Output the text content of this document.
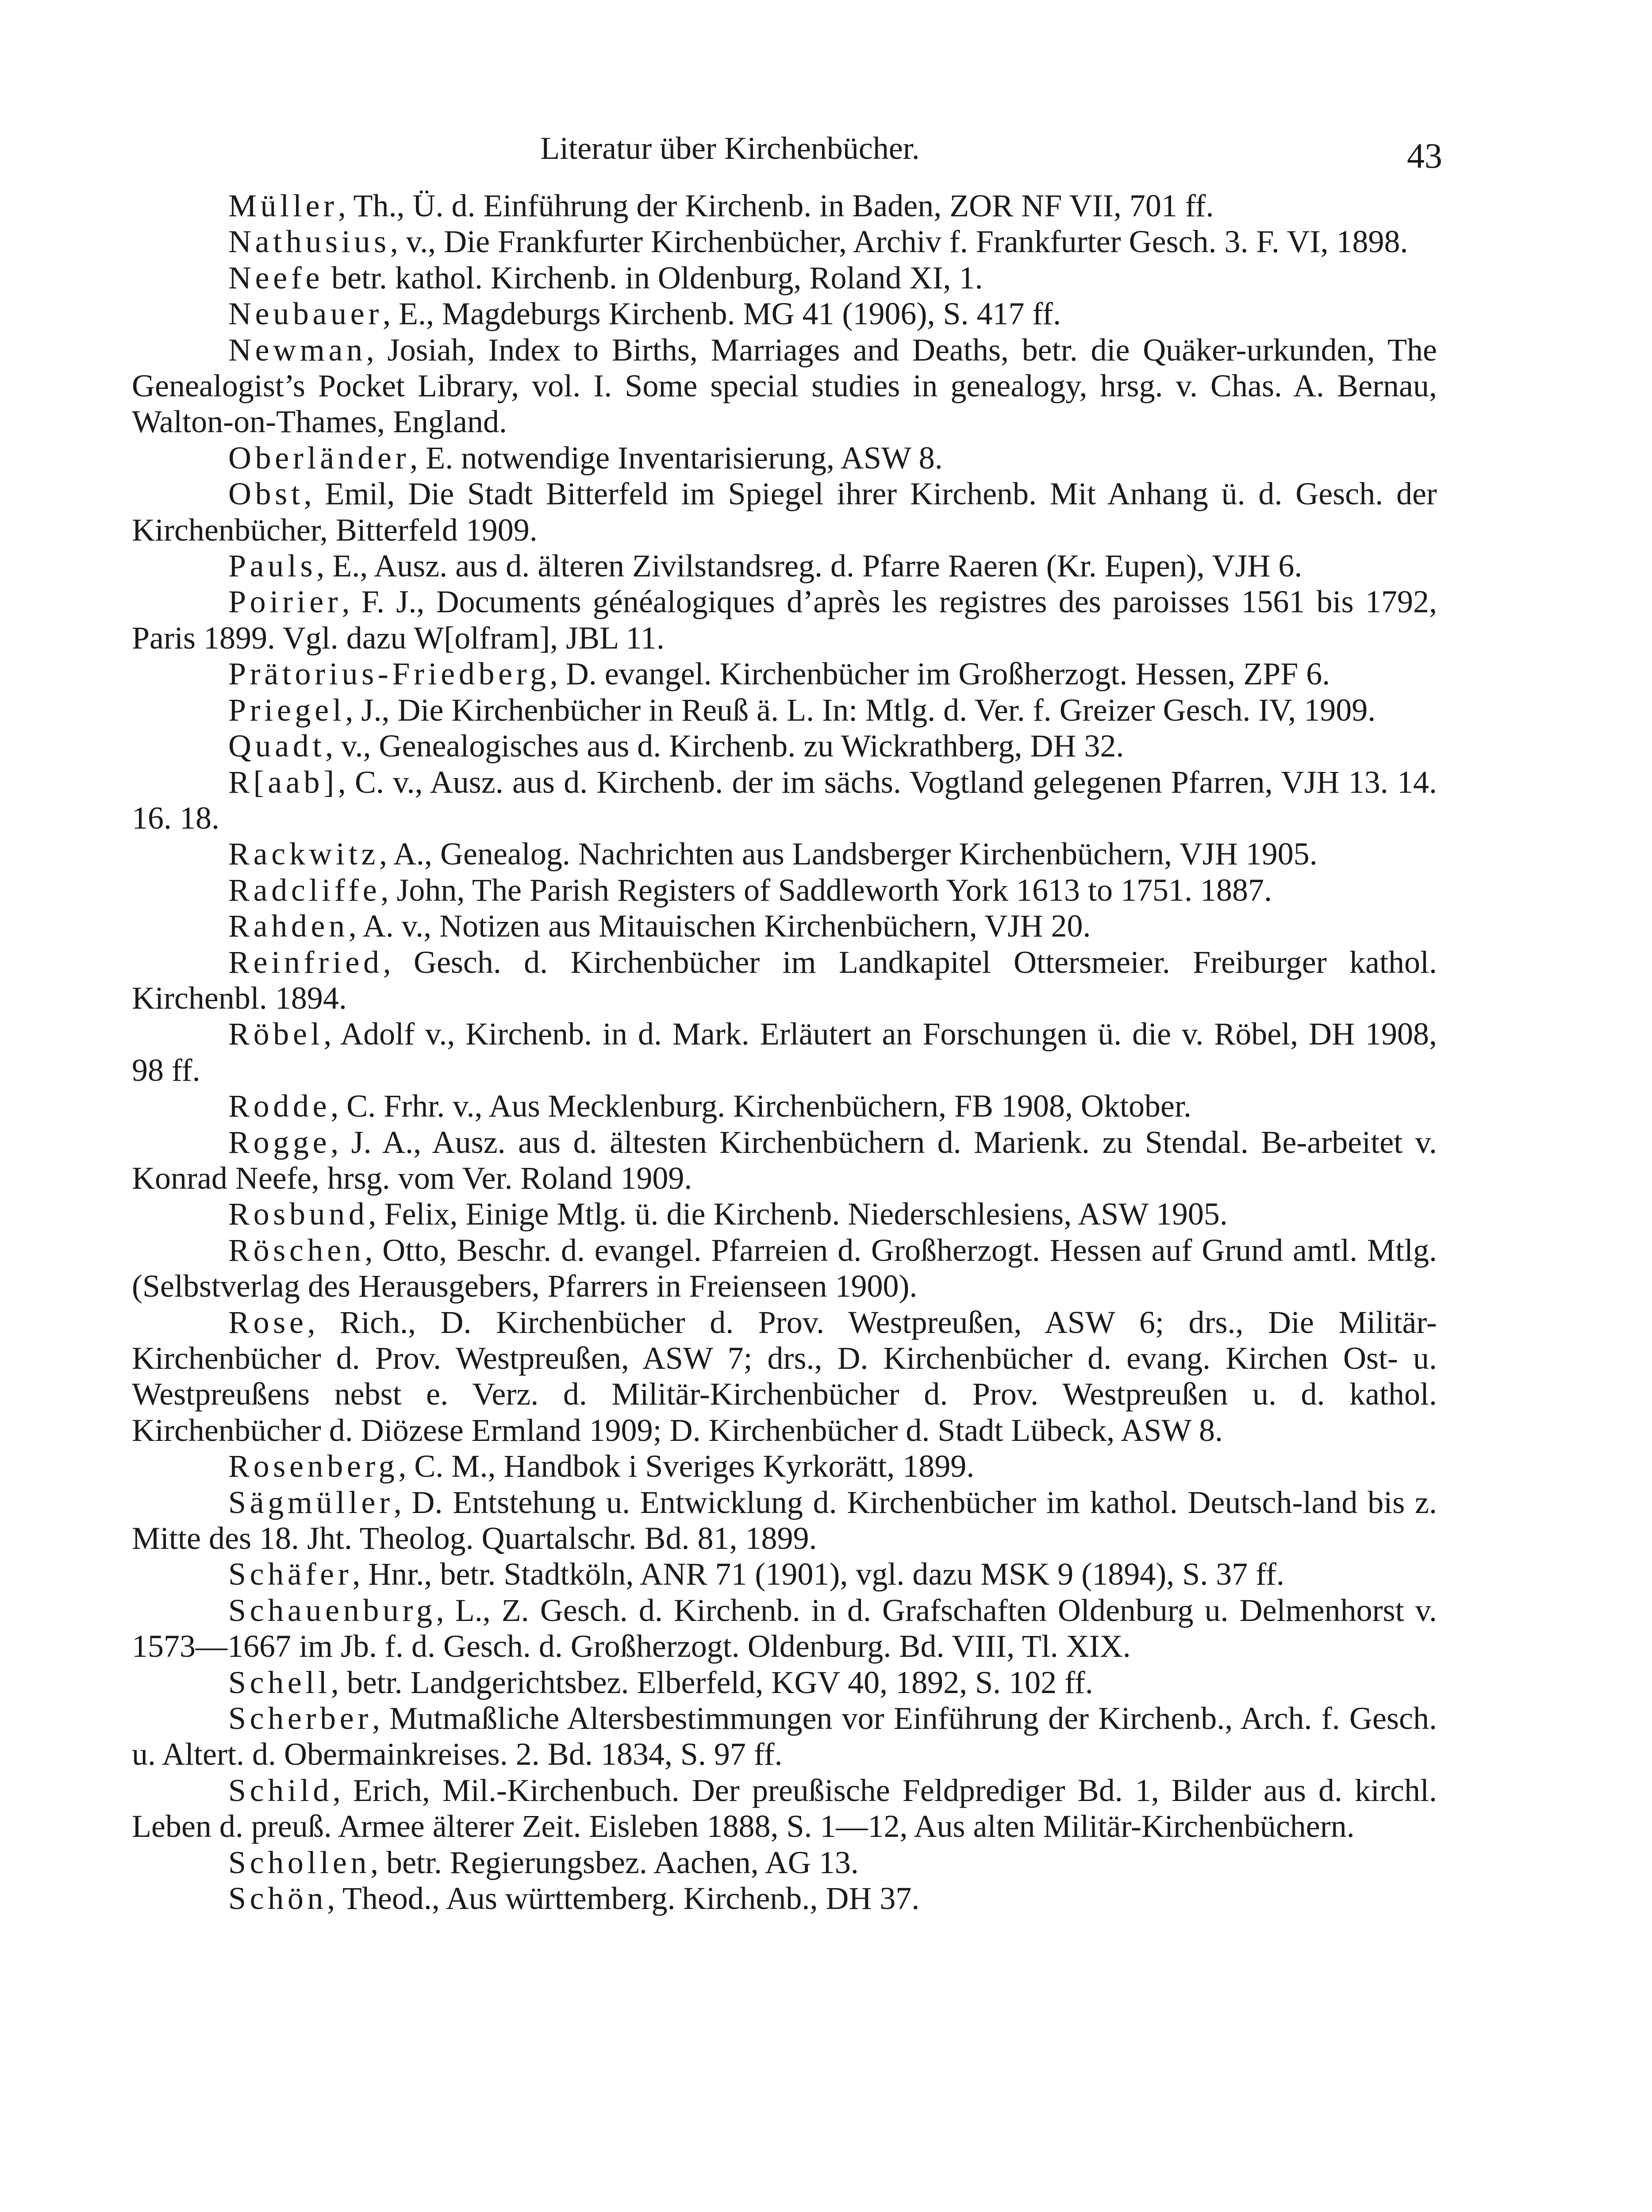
Literatur über Kirchenbücher.	43

Müller, Th., Ü. d. Einführung der Kirchenb. in Baden, ZOR NF VII, 701 ff.

Nathusius, v., Die Frankfurter Kirchenbücher, Archiv f. Frankfurter Gesch. 3. F. VI, 1898.

Neefe betr. kathol. Kirchenb. in Oldenburg, Roland XI, 1.

Neubauer, E., Magdeburgs Kirchenb. MG 41 (1906), S. 417 ff.

Newman, Josiah, Index to Births, Marriages and Deaths, betr. die Quäker-urkunden, The Genealogist’s Pocket Library, vol. I. Some special studies in genealogy, hrsg. v. Chas. A. Bernau, Walton-on-Thames, England.

Oberländer, E. notwendige Inventarisierung, ASW 8.

Obst, Emil, Die Stadt Bitterfeld im Spiegel ihrer Kirchenb. Mit Anhang ü. d. Gesch. der Kirchenbücher, Bitterfeld 1909.

Pauls, E., Ausz. aus d. älteren Zivilstandsreg. d. Pfarre Raeren (Kr. Eupen), VJH 6.

Poirier, F. J., Documents généalogiques d’après les registres des paroisses 1561 bis 1792, Paris 1899. Vgl. dazu W[olfram], JBL 11.

Prätorius-Friedberg, D. evangel. Kirchenbücher im Großherzogt. Hessen, ZPF 6.

Priegel, J., Die Kirchenbücher in Reuß ä. L. In: Mtlg. d. Ver. f. Greizer Gesch. IV, 1909.

Quadt, v., Genealogisches aus d. Kirchenb. zu Wickrathberg, DH 32.

R[aab], C. v., Ausz. aus d. Kirchenb. der im sächs. Vogtland gelegenen Pfarren, VJH 13. 14. 16. 18.

Rackwitz, A., Genealog. Nachrichten aus Landsberger Kirchenbüchern, VJH 1905.

Radcliffe, John, The Parish Registers of Saddleworth York 1613 to 1751. 1887.

Rahden, A. v., Notizen aus Mitauischen Kirchenbüchern, VJH 20.

Reinfried, Gesch. d. Kirchenbücher im Landkapitel Ottersmeier. Freiburger kathol. Kirchenbl. 1894.

Röbel, Adolf v., Kirchenb. in d. Mark. Erläutert an Forschungen ü. die v. Röbel, DH 1908, 98 ff.

Rodde, C. Frhr. v., Aus Mecklenburg. Kirchenbüchern, FB 1908, Oktober.

Rogge, J. A., Ausz. aus d. ältesten Kirchenbüchern d. Marienk. zu Stendal. Be-arbeitet v. Konrad Neefe, hrsg. vom Ver. Roland 1909.

Rosbund, Felix, Einige Mtlg. ü. die Kirchenb. Niederschlesiens, ASW 1905.

Röschen, Otto, Beschr. d. evangel. Pfarreien d. Großherzogt. Hessen auf Grund amtl. Mtlg. (Selbstverlag des Herausgebers, Pfarrers in Freienseen 1900).

Rose, Rich., D. Kirchenbücher d. Prov. Westpreußen, ASW 6; drs., Die Militär-Kirchenbücher d. Prov. Westpreußen, ASW 7; drs., D. Kirchenbücher d. evang. Kirchen Ost- u. Westpreußens nebst e. Verz. d. Militär-Kirchenbücher d. Prov. Westpreußen u. d. kathol. Kirchenbücher d. Diözese Ermland 1909; D. Kirchenbücher d. Stadt Lübeck, ASW 8.

Rosenberg, C. M., Handbok i Sveriges Kyrkorätt, 1899.

Sägmüller, D. Entstehung u. Entwicklung d. Kirchenbücher im kathol. Deutsch-land bis z. Mitte des 18. Jht. Theolog. Quartalschr. Bd. 81, 1899.

Schäfer, Hnr., betr. Stadtköln, ANR 71 (1901), vgl. dazu MSK 9 (1894), S. 37 ff.

Schauenburg, L., Z. Gesch. d. Kirchenb. in d. Grafschaften Oldenburg u. Delmenhorst v. 1573—1667 im Jb. f. d. Gesch. d. Großherzogt. Oldenburg. Bd. VIII, Tl. XIX.

Schell, betr. Landgerichtsbez. Elberfeld, KGV 40, 1892, S. 102 ff.

Scherber, Mutmaßliche Altersbestimmungen vor Einführung der Kirchenb., Arch. f. Gesch. u. Altert. d. Obermainkreises. 2. Bd. 1834, S. 97 ff.

Schild, Erich, Mil.-Kirchenbuch. Der preußische Feldprediger Bd. 1, Bilder aus d. kirchl. Leben d. preuß. Armee älterer Zeit. Eisleben 1888, S. 1—12, Aus alten Militär-Kirchenbüchern.

Schollen, betr. Regierungsbez. Aachen, AG 13.

Schön, Theod., Aus württemberg. Kirchenb., DH 37.
